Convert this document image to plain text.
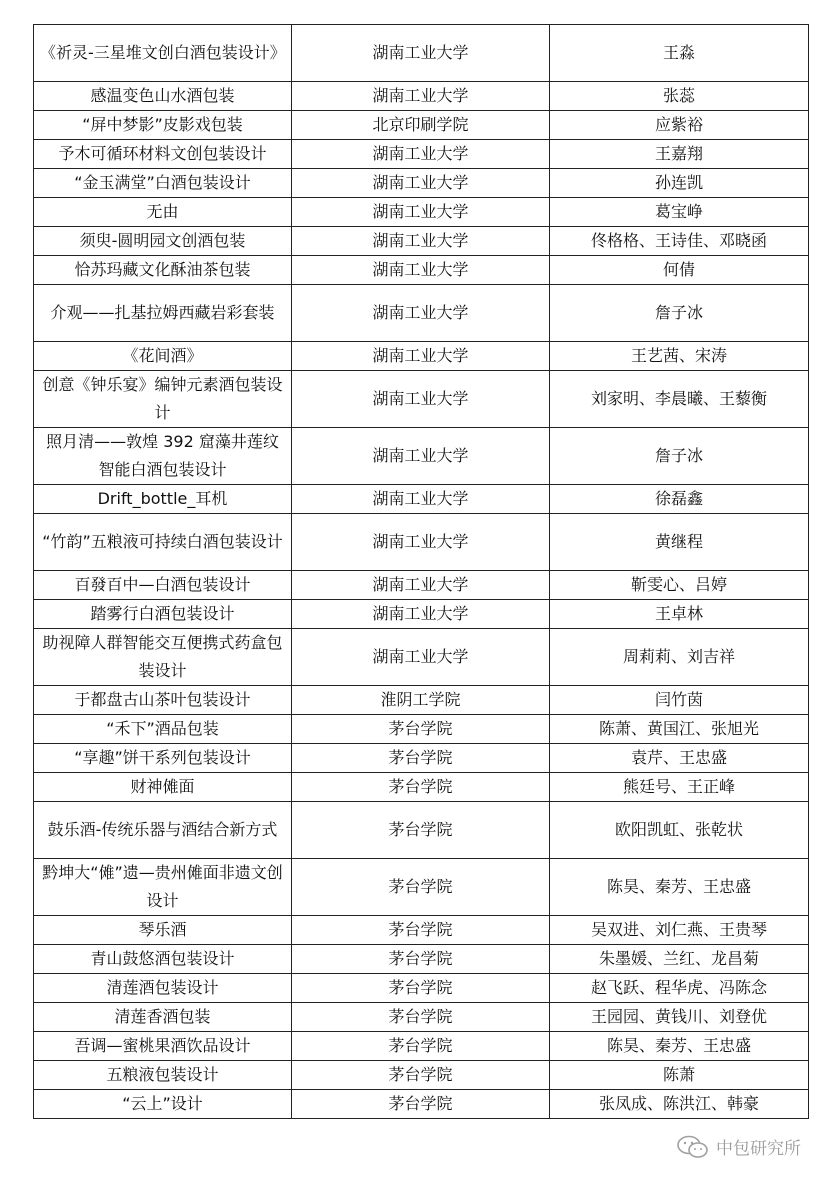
《祈灵-三星堆文创白酒包装设计》	湖南工业大学	王淼
感温变色山水酒包装	湖南工业大学	张蕊
“屏中梦影”皮影戏包装	北京印刷学院	应紫裕
予木可循环材料文创包装设计	湖南工业大学	王嘉翔
“金玉满堂”白酒包装设计	湖南工业大学	孙连凯
无由	湖南工业大学	葛宝峥
须臾-圆明园文创酒包装	湖南工业大学	佟格格、王诗佳、邓晓函
恰苏玛藏文化酥油茶包装	湖南工业大学	何倩
介观——扎基拉姆西藏岩彩套装	湖南工业大学	詹子冰
《花间酒》	湖南工业大学	王艺茜、宋涛
创意《钟乐宴》编钟元素酒包装设计	湖南工业大学	刘家明、李晨曦、王藜衡
照月清——敦煌 392 窟藻井莲纹智能白酒包装设计	湖南工业大学	詹子冰
Drift_bottle_耳机	湖南工业大学	徐磊鑫
“竹韵”五粮液可持续白酒包装设计	湖南工业大学	黄继程
百發百中—白酒包装设计	湖南工业大学	靳雯心、吕婷
踏雾行白酒包装设计	湖南工业大学	王卓林
助视障人群智能交互便携式药盒包装设计	湖南工业大学	周莉莉、刘吉祥
于都盘古山茶叶包装设计	淮阴工学院	闫竹茵
“禾下”酒品包装	茅台学院	陈萧、黄国江、张旭光
“享趣”饼干系列包装设计	茅台学院	袁芹、王忠盛
财神傩面	茅台学院	熊廷号、王正峰
鼓乐酒-传统乐器与酒结合新方式	茅台学院	欧阳凯虹、张乾状
黔坤大“傩”遗—贵州傩面非遗文创设计	茅台学院	陈昊、秦芳、王忠盛
琴乐酒	茅台学院	吴双进、刘仁燕、王贵琴
青山鼓悠酒包装设计	茅台学院	朱墨媛、兰红、龙昌菊
清莲酒包装设计	茅台学院	赵飞跃、程华虎、冯陈念
清莲香酒包装	茅台学院	王园园、黄钱川、刘登优
吾调—蜜桃果酒饮品设计	茅台学院	陈昊、秦芳、王忠盛
五粮液包装设计	茅台学院	陈萧
“云上”设计	茅台学院	张凤成、陈洪江、韩豪
中包研究所
